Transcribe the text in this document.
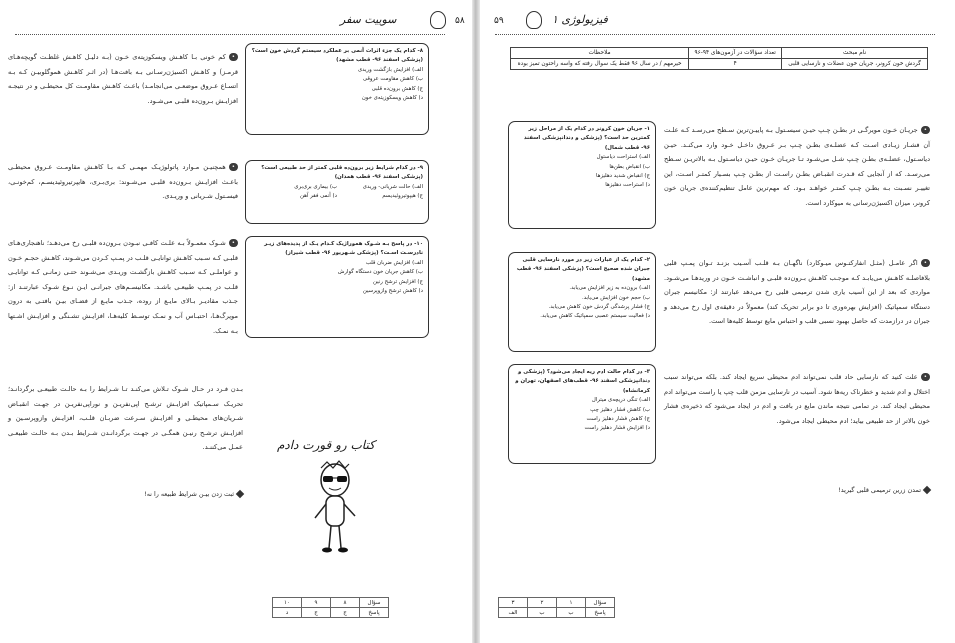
۵۸
سوییت سفر

•کم خونی بـا کاهـش ویسکوزیته‌ی خـون (بـه دلیـل کاهـش غلظـت گویچه‌هـای قرمـز) و کاهـش اکسیژن‌رسـانی بـه بافت‌هـا (در اثـر کاهـش هموگلوبیـن کـه بـه اتسـاع عـروق موضعـی می‌انجامـد) باعـث کاهـش مقاومـت کل محیطـی و در نتیجـه افزایـش بـرون‌ده قلبـی می‌شـود.

۸- کدام یک جزء اثرات آنمی بر عملکرد سیستم گردش خون است؟ (پزشکی اسفند ۹۶- قطب مشهد)

الف) افزایش بازگشت وریدی

ب) کاهش مقاومت عروقی

ج) کاهش برون‌ده قلبی

د) کاهش ویسکوزیته‌ی خون

•همچنیـن مـوارد پاتولوژیـک مهمـی کـه بـا کاهـش مقاومـت عـروق محیطـی باعـث افزایـش بـرون‌ده قلبـی می‌شـوند: بری‌بـری، هایپرتیروئیدیسـم، کم‌خونـی، فیسـتول شـریانی و وریـدی.

۹- در کدام شرایط زیر برون‌ده قلبی کمتر از حد طبیعی است؟ (پزشکی اسفند ۹۶- قطب همدان)

الف) حالت شریانی- وریدی

ب) بیماری بری‌بری

ج) هیپوتیروئیدیسم

د) آنمی فقر آهن

•شـوک معمـولاً بـه علـت کافـی نبـودن بـرون‌ده قلبـی رخ می‌دهـد؛ ناهنجاری‌هـای قلبـی کـه سـبب کاهـش توانایـی قلـب در پمـپ کـردن می‌شـوند، کاهـش حجـم خـون و عواملـی کـه سـبب کاهـش بازگشـت وریـدی می‌شـوند حتـی زمانـی کـه توانایـی قلـب در پمـپ طبیعـی باشـد. مکانیسـم‌های جبرانـی ایـن نـوع شـوک عبارتنـد از: جـذب مقادیـر بـالای مایـع از روده، جـذب مایـع از فضـای بیـن بافتـی به درون مویرگ‌هـا، احتبـاس آب و نمـک توسـط کلیه‌هـا، افزایـش تشـنگی و افزایـش اشـتها بـه نمـک.

۱۰- در پاسخ بـه شـوک هموراژیک کـدام یـک از پدیده‌های زیـر نادرسـت اسـت؟ (پزشکی شـهریور ۹۶- قطب شیراز)

الف) افزایش ضربان قلب

ب) کاهش جریان خون دستگاه گوارش

ج) افزایش ترشح رنین

د) کاهش ترشح وازوپرسین

بـدن فـرد در حـال شـوک تـلاش می‌کنـد تـا شـرایط را بـه حالـت طبیعـی برگردانـد؛ تحریـک سـمپاتیک افزایـش ترشـح اپی‌نفریـن و نوراپی‌نفریـن در جهـت انقبـاض شـریان‌های محیطـی و افزایـش سـرعت ضربـان قلـب، افزایـش وازوپرسـین و افزایـش ترشـح رنیـن همگـی در جهـت برگردانـدن شـرایط بـدن بـه حالـت طبیعـی عمـل می‌کننـد.

ثبت زدن بیـن شرایط طبیعه را نه!
کتاب رو قورت دادم
سؤال	۸	۹	۱۰
پاسخ	ج	ج	د
۵۹	فیزیولوژی ۱
نام مبحث	تعداد سؤالات در آزمون‌های ۹۴-۹۶	ملاحظات
گردش خون کرونر، جریان خون عضلات و نارسایی قلبی	۴	خیرمهم / در سال ۹۶ فقط یک سوال رفته که واسه راحتون تمیز بوده

۱- جریان خون کرونر در کدام یک از مراحل زیر کمترین حد است؟ (پزشکی و دندانپزشکی اسفند ۹۶- قطب شمال)

الف) استراحت دیاستول

ب) انقباض بطن‌ها

ج) انقباض شدید دهلیزها

د) استراحت دهلیزها

•جریـان خـون مویرگـی در بطـن چـپ حیـن سیسـتول بـه پاییـن‌ترین سـطح می‌رسـد کـه علـت آن فشـار زیـادی اسـت کـه عضلـه‌ی بطـن چـپ بـر عـروق داخـل خـود وارد می‌کنـد. حیـن دیاسـتول، عضلـه‌ی بطـن چـپ شـل می‌شـود تـا جریـان خـون حیـن دیاسـتول بـه بالاتریـن سـطح می‌رسـد. که از آنجایی که قـدرت انقبـاض بطـن راسـت از بطـن چـپ بسـیار کمتـر اسـت، این تغییـر نسـبت بـه بطـن چـپ کمتـر خواهـد بـود. که مهم‌ترین عامل تنظیم‌کننده‌ی جریان خون کرونر، میزان اکسیژن‌رسانی به میوکارد است.

۲- کدام یک از عبارات زیر در مورد نارسایی قلبی جبران شده صحیح است؟ (پزشکی اسفند ۹۶- قطب مشهد)

الف) برون‌ده به زیر افزایش می‌یابد.

ب) حجم خون افزایش می‌یابد.

ج) فشار پرشدگی گردش خون کاهش می‌یابد.

د) فعالیت سیستم عصبی سمپاتیک کاهش می‌یابد.

•اگر عامـل (مثـل انفارکتـوس میـوکارد) ناگهـان بـه قلـب آسـیب بزنـد تـوان پمـپ قلبی بلافاصلـه کاهـش می‌یابـد کـه موجـب کاهـش بـرون‌ده قلبـی و انباشـت خـون در وریدهـا می‌شـود. مواردی که بعد از این آسیب یاری شدن ترمیمی قلبی رخ می‌دهد عبارتند از: مکانیسم جبران دستگاه سمپاتیک (افزایش بهره‌وری تا دو برابر تحریک کند) معمولاً در دقیقه‌ی اول رخ می‌دهد و جبران در درازمدت که حاصل بهبود نسبی قلب و احتباس مایع توسط کلیه‌ها است.

۳- در کدام حالت ادم ریه ایجاد می‌شود؟ (پزشکی و دندانپزشکی اسفند ۹۶- قطب‌های اصفهان، تهران و کرمانشاه)

الف) تنگی دریچه‌ی میترال

ب) کاهش فشار دهلیز چپ

ج) کاهش فشار دهلیز راست

د) افزایش فشار دهلیز راست

•علت کنید که نارسایی حاد قلب نمی‌تواند ادم محیطی سریع ایجاد کند. بلکه می‌تواند سبب اختلال و ادم شدید و خطرناک ریه‌ها شود. آسیب در نارسایی مزمن قلب چپ یا راست می‌تواند ادم محیطی ایجاد کند. در تمامی نتیجه ماندن مایع در بافت و ادم در ایجاد می‌شود که ذخیره‌ی فشار خون بالاتر از حد طبیعی بیاید؛ ادم محیطی ایجاد می‌شود.

تمدن زرین ترمیمی قلبی گیرید!
سؤال	۱	۲	۳
پاسخ	ب	ب	الف
